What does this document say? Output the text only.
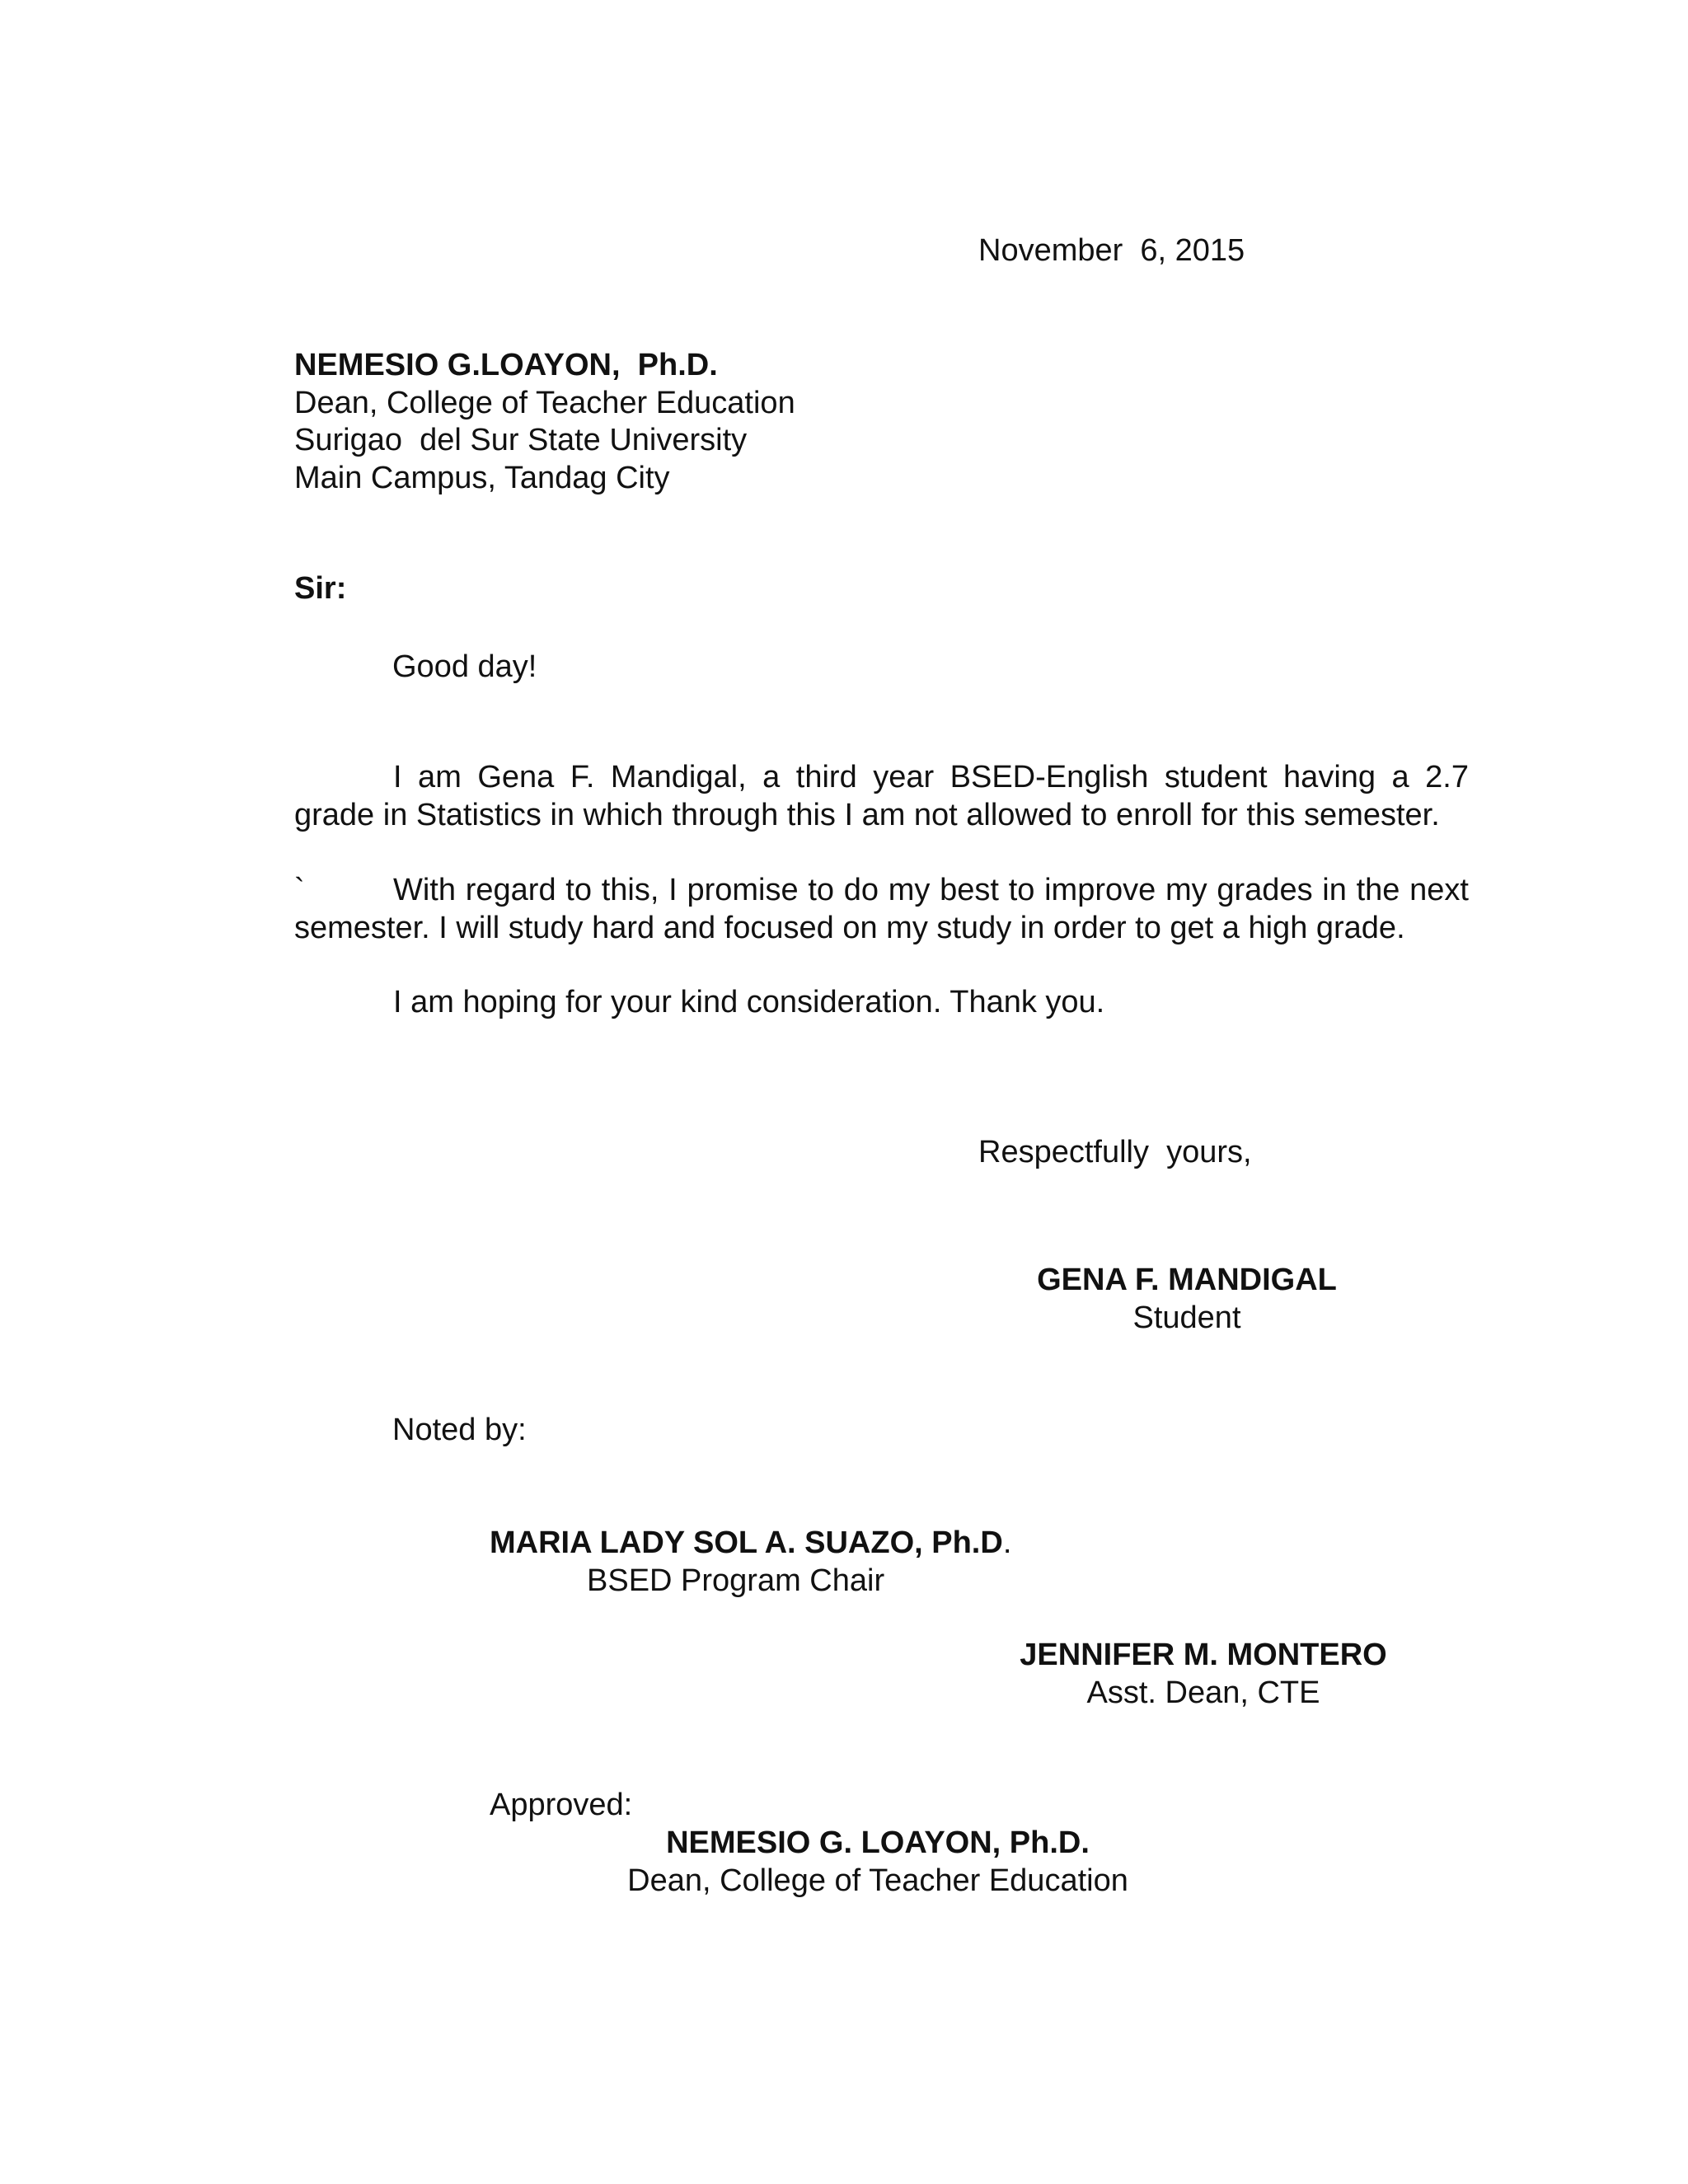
November  6, 2015
NEMESIO G.LOAYON,  Ph.D.
Dean, College of Teacher Education
Surigao  del Sur State University
Main Campus, Tandag City
Sir:
Good day!
I am Gena F. Mandigal, a third year BSED-English student having a 2.7 grade in Statistics in which through this I am not allowed to enroll for this semester.
`	With regard to this, I promise to do my best to improve my grades in the next semester. I will study hard and focused on my study in order to get a high grade.
I am hoping for your kind consideration. Thank you.
Respectfully  yours,
GENA F. MANDIGAL
Student
Noted by:
MARIA LADY SOL A. SUAZO, Ph.D.
BSED Program Chair
JENNIFER M. MONTERO
Asst. Dean, CTE
Approved:
NEMESIO G. LOAYON, Ph.D.
Dean, College of Teacher Education
